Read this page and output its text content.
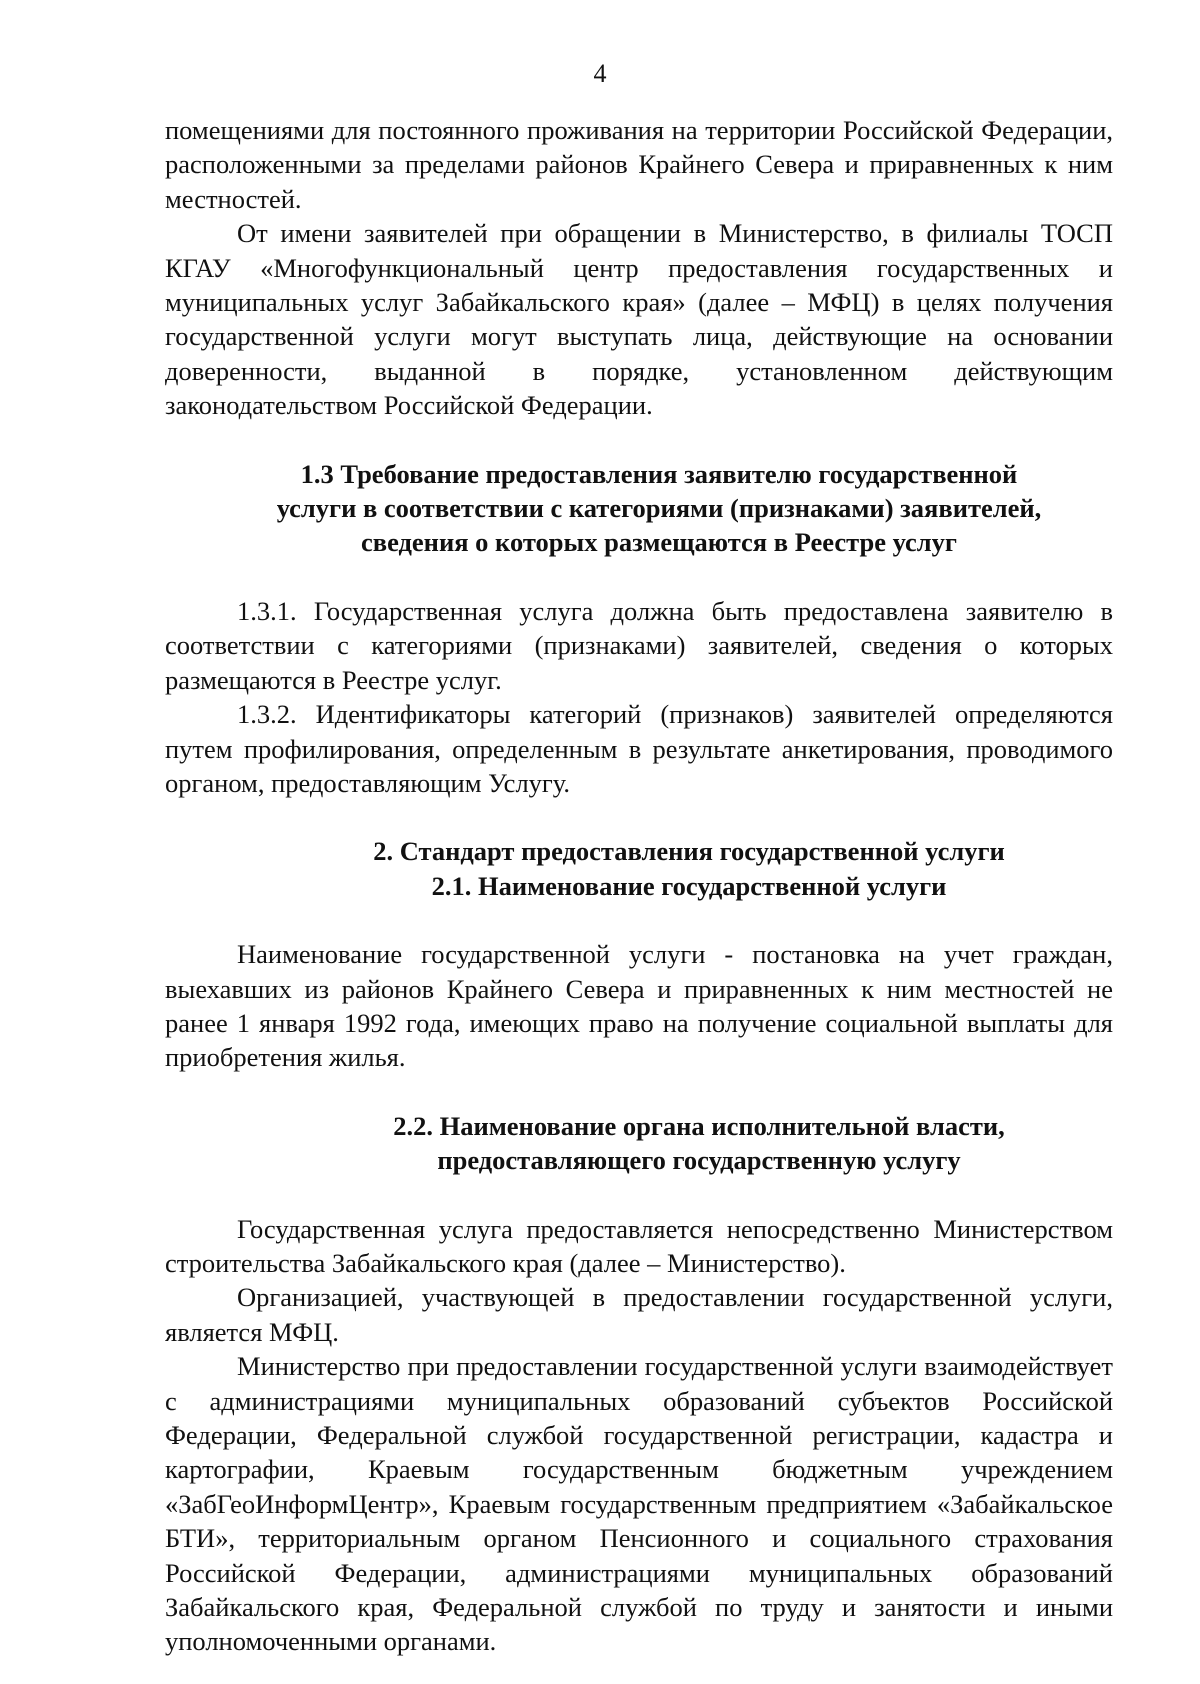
4

помещениями для постоянного проживания на территории Российской Федерации, расположенными за пределами районов Крайнего Севера и приравненных к ним местностей.

От имени заявителей при обращении в Министерство, в филиалы ТОСП КГАУ «Многофункциональный центр предоставления государственных и муниципальных услуг Забайкальского края» (далее – МФЦ) в целях получения государственной услуги могут выступать лица, действующие на основании доверенности, выданной в порядке, установленном действующим законодательством Российской Федерации.

1.3 Требование предоставления заявителю государственной
услуги в соответствии с категориями (признаками) заявителей,
сведения о которых размещаются в Реестре услуг

1.3.1. Государственная услуга должна быть предоставлена заявителю в соответствии с категориями (признаками) заявителей, сведения о которых размещаются в Реестре услуг.

1.3.2. Идентификаторы категорий (признаков) заявителей определяются путем профилирования, определенным в результате анкетирования, проводимого органом, предоставляющим Услугу.

2. Стандарт предоставления государственной услуги
2.1. Наименование государственной услуги

Наименование государственной услуги - постановка на учет граждан, выехавших из районов Крайнего Севера и приравненных к ним местностей не ранее 1 января 1992 года, имеющих право на получение социальной выплаты для приобретения жилья.

2.2. Наименование органа исполнительной власти,
предоставляющего государственную услугу

Государственная услуга предоставляется непосредственно Министерством строительства Забайкальского края (далее – Министерство).

Организацией, участвующей в предоставлении государственной услуги, является МФЦ.

Министерство при предоставлении государственной услуги взаимодействует с администрациями муниципальных образований субъектов Российской Федерации, Федеральной службой государственной регистрации, кадастра и картографии, Краевым государственным бюджетным учреждением «ЗабГеоИнформЦентр», Краевым государственным предприятием «Забайкальское БТИ», территориальным органом Пенсионного и социального страхования Российской Федерации, администрациями муниципальных образований Забайкальского края, Федеральной службой по труду и занятости и иными уполномоченными органами.
